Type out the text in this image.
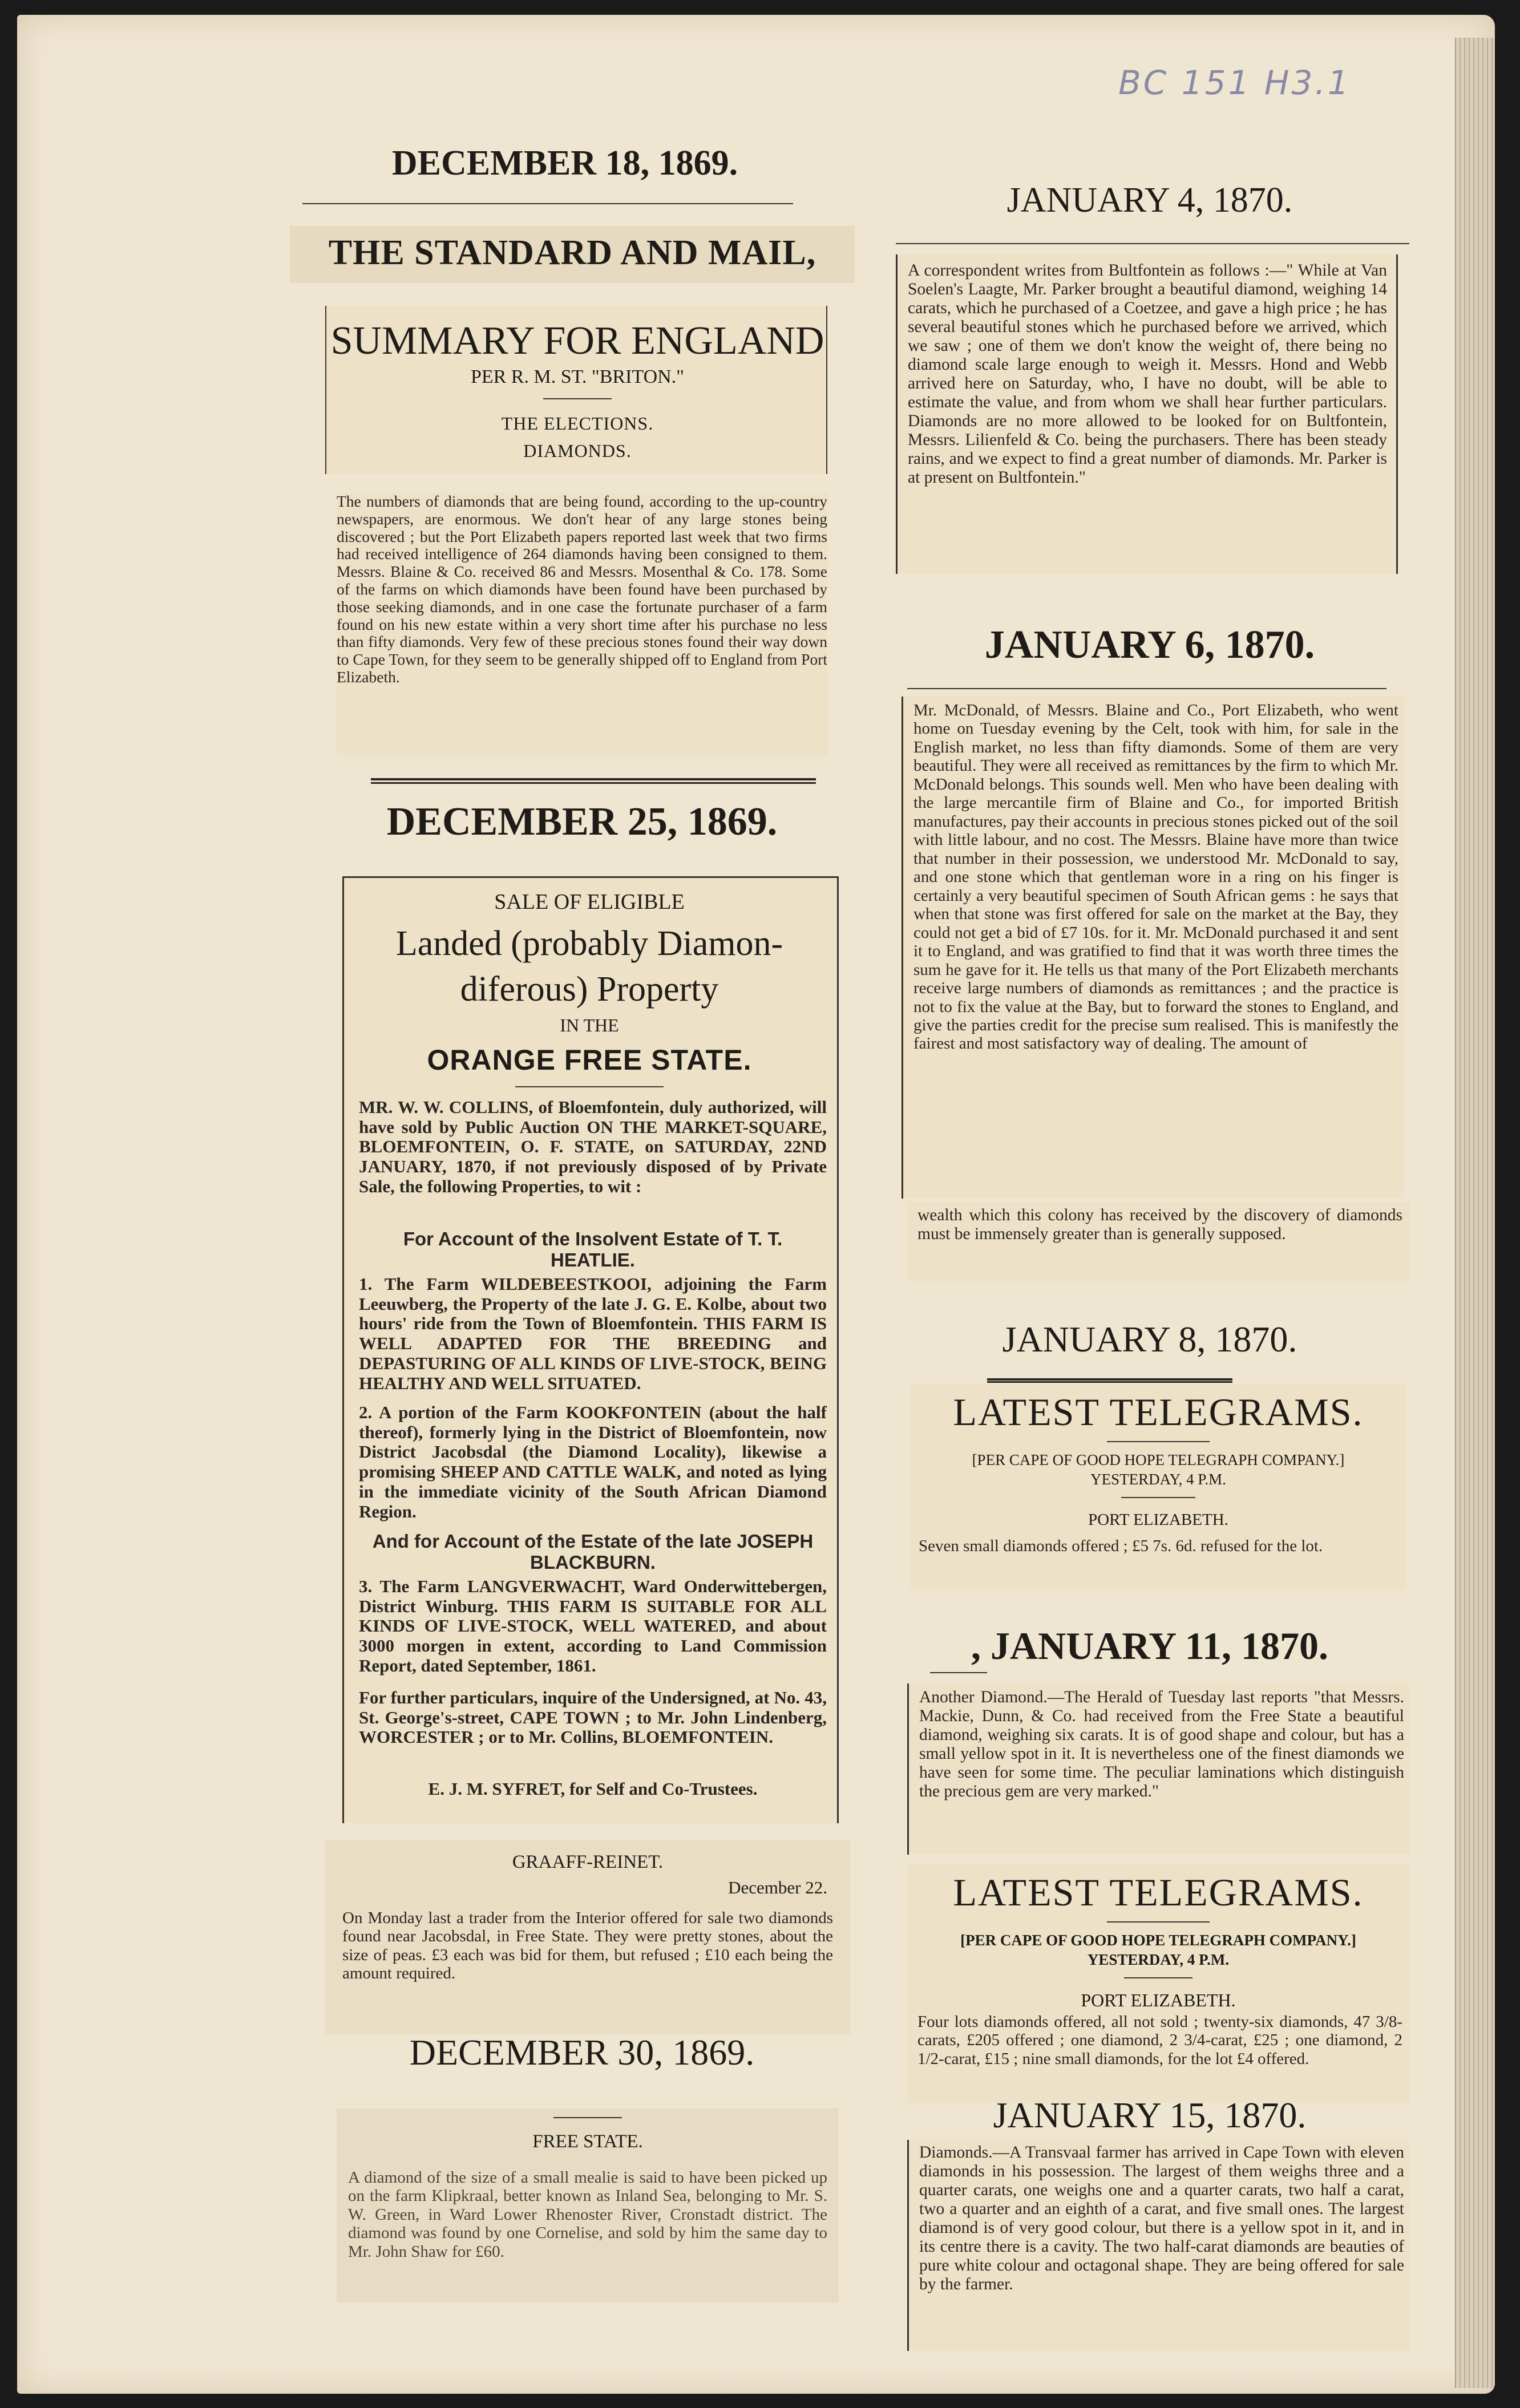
BC 151 H3.1
DECEMBER 18, 1869.
THE STANDARD AND MAIL,
SUMMARY FOR ENGLAND
PER R. M. ST. "BRITON."
THE ELECTIONS.
DIAMONDS.
The numbers of diamonds that are being found, according to the up-country newspapers, are enormous. We don't hear of any large stones being discovered ; but the Port Elizabeth papers reported last week that two firms had received intelligence of 264 diamonds having been consigned to them. Messrs. Blaine & Co. received 86 and Messrs. Mosenthal & Co. 178. Some of the farms on which diamonds have been found have been purchased by those seeking diamonds, and in one case the fortunate purchaser of a farm found on his new estate within a very short time after his purchase no less than fifty diamonds. Very few of these precious stones found their way down to Cape Town, for they seem to be generally shipped off to England from Port Elizabeth.
DECEMBER 25, 1869.
SALE OF ELIGIBLE
Landed (probably Diamon-
diferous) Property
IN THE
ORANGE FREE STATE.
MR. W. W. COLLINS, of Bloemfontein, duly authorized, will have sold by Public Auction ON THE MARKET-SQUARE, BLOEMFONTEIN, O. F. STATE, on SATURDAY, 22ND JANUARY, 1870, if not previously disposed of by Private Sale, the following Properties, to wit :
For Account of the Insolvent Estate of T. T. HEATLIE.
1. The Farm WILDEBEESTKOOI, adjoining the Farm Leeuwberg, the Property of the late J. G. E. Kolbe, about two hours' ride from the Town of Bloemfontein. THIS FARM IS WELL ADAPTED FOR THE BREEDING and DEPASTURING OF ALL KINDS OF LIVE-STOCK, BEING HEALTHY AND WELL SITUATED.
2. A portion of the Farm KOOKFONTEIN (about the half thereof), formerly lying in the District of Bloemfontein, now District Jacobsdal (the Diamond Locality), likewise a promising SHEEP AND CATTLE WALK, and noted as lying in the immediate vicinity of the South African Diamond Region.
And for Account of the Estate of the late JOSEPH BLACKBURN.
3. The Farm LANGVERWACHT, Ward Onderwittebergen, District Winburg. THIS FARM IS SUITABLE FOR ALL KINDS OF LIVE-STOCK, WELL WATERED, and about 3000 morgen in extent, according to Land Commission Report, dated September, 1861.
For further particulars, inquire of the Undersigned, at No. 43, St. George's-street, CAPE TOWN ; to Mr. John Lindenberg, WORCESTER ; or to Mr. Collins, BLOEMFONTEIN.
E. J. M. SYFRET, for Self and Co-Trustees.
GRAAFF-REINET.
December 22.
On Monday last a trader from the Interior offered for sale two diamonds found near Jacobsdal, in Free State. They were pretty stones, about the size of peas. £3 each was bid for them, but refused ; £10 each being the amount required.
DECEMBER 30, 1869.
FREE STATE.
A diamond of the size of a small mealie is said to have been picked up on the farm Klipkraal, better known as Inland Sea, belonging to Mr. S. W. Green, in Ward Lower Rhenoster River, Cronstadt district. The diamond was found by one Cornelise, and sold by him the same day to Mr. John Shaw for £60.
JANUARY 4, 1870.
A correspondent writes from Bultfontein as follows :—" While at Van Soelen's Laagte, Mr. Parker brought a beautiful diamond, weighing 14 carats, which he purchased of a Coetzee, and gave a high price ; he has several beautiful stones which he purchased before we arrived, which we saw ; one of them we don't know the weight of, there being no diamond scale large enough to weigh it. Messrs. Hond and Webb arrived here on Saturday, who, I have no doubt, will be able to estimate the value, and from whom we shall hear further particulars. Diamonds are no more allowed to be looked for on Bultfontein, Messrs. Lilienfeld & Co. being the purchasers. There has been steady rains, and we expect to find a great number of diamonds. Mr. Parker is at present on Bultfontein."
JANUARY 6, 1870.
Mr. McDonald, of Messrs. Blaine and Co., Port Elizabeth, who went home on Tuesday evening by the Celt, took with him, for sale in the English market, no less than fifty diamonds. Some of them are very beautiful. They were all received as remittances by the firm to which Mr. McDonald belongs. This sounds well. Men who have been dealing with the large mercantile firm of Blaine and Co., for imported British manufactures, pay their accounts in precious stones picked out of the soil with little labour, and no cost. The Messrs. Blaine have more than twice that number in their possession, we understood Mr. McDonald to say, and one stone which that gentleman wore in a ring on his finger is certainly a very beautiful specimen of South African gems : he says that when that stone was first offered for sale on the market at the Bay, they could not get a bid of £7 10s. for it. Mr. McDonald purchased it and sent it to England, and was gratified to find that it was worth three times the sum he gave for it. He tells us that many of the Port Elizabeth merchants receive large numbers of diamonds as remittances ; and the practice is not to fix the value at the Bay, but to forward the stones to England, and give the parties credit for the precise sum realised. This is manifestly the fairest and most satisfactory way of dealing. The amount of
wealth which this colony has received by the discovery of diamonds must be immensely greater than is generally supposed.
JANUARY 8, 1870.
LATEST TELEGRAMS.
[PER CAPE OF GOOD HOPE TELEGRAPH COMPANY.]
YESTERDAY, 4 P.M.
PORT ELIZABETH.
Seven small diamonds offered ; £5 7s. 6d. refused for the lot.
, JANUARY 11, 1870.
Another Diamond.—The Herald of Tuesday last reports "that Messrs. Mackie, Dunn, & Co. had received from the Free State a beautiful diamond, weighing six carats. It is of good shape and colour, but has a small yellow spot in it. It is nevertheless one of the finest diamonds we have seen for some time. The peculiar laminations which distinguish the precious gem are very marked."
LATEST TELEGRAMS.
[PER CAPE OF GOOD HOPE TELEGRAPH COMPANY.]
YESTERDAY, 4 P.M.
PORT ELIZABETH.
Four lots diamonds offered, all not sold ; twenty-six diamonds, 47 3/8-carats, £205 offered ; one diamond, 2 3/4-carat, £25 ; one diamond, 2 1/2-carat, £15 ; nine small diamonds, for the lot £4 offered.
JANUARY 15, 1870.
Diamonds.—A Transvaal farmer has arrived in Cape Town with eleven diamonds in his possession. The largest of them weighs three and a quarter carats, one weighs one and a quarter carats, two half a carat, two a quarter and an eighth of a carat, and five small ones. The largest diamond is of very good colour, but there is a yellow spot in it, and in its centre there is a cavity. The two half-carat diamonds are beauties of pure white colour and octagonal shape. They are being offered for sale by the farmer.
